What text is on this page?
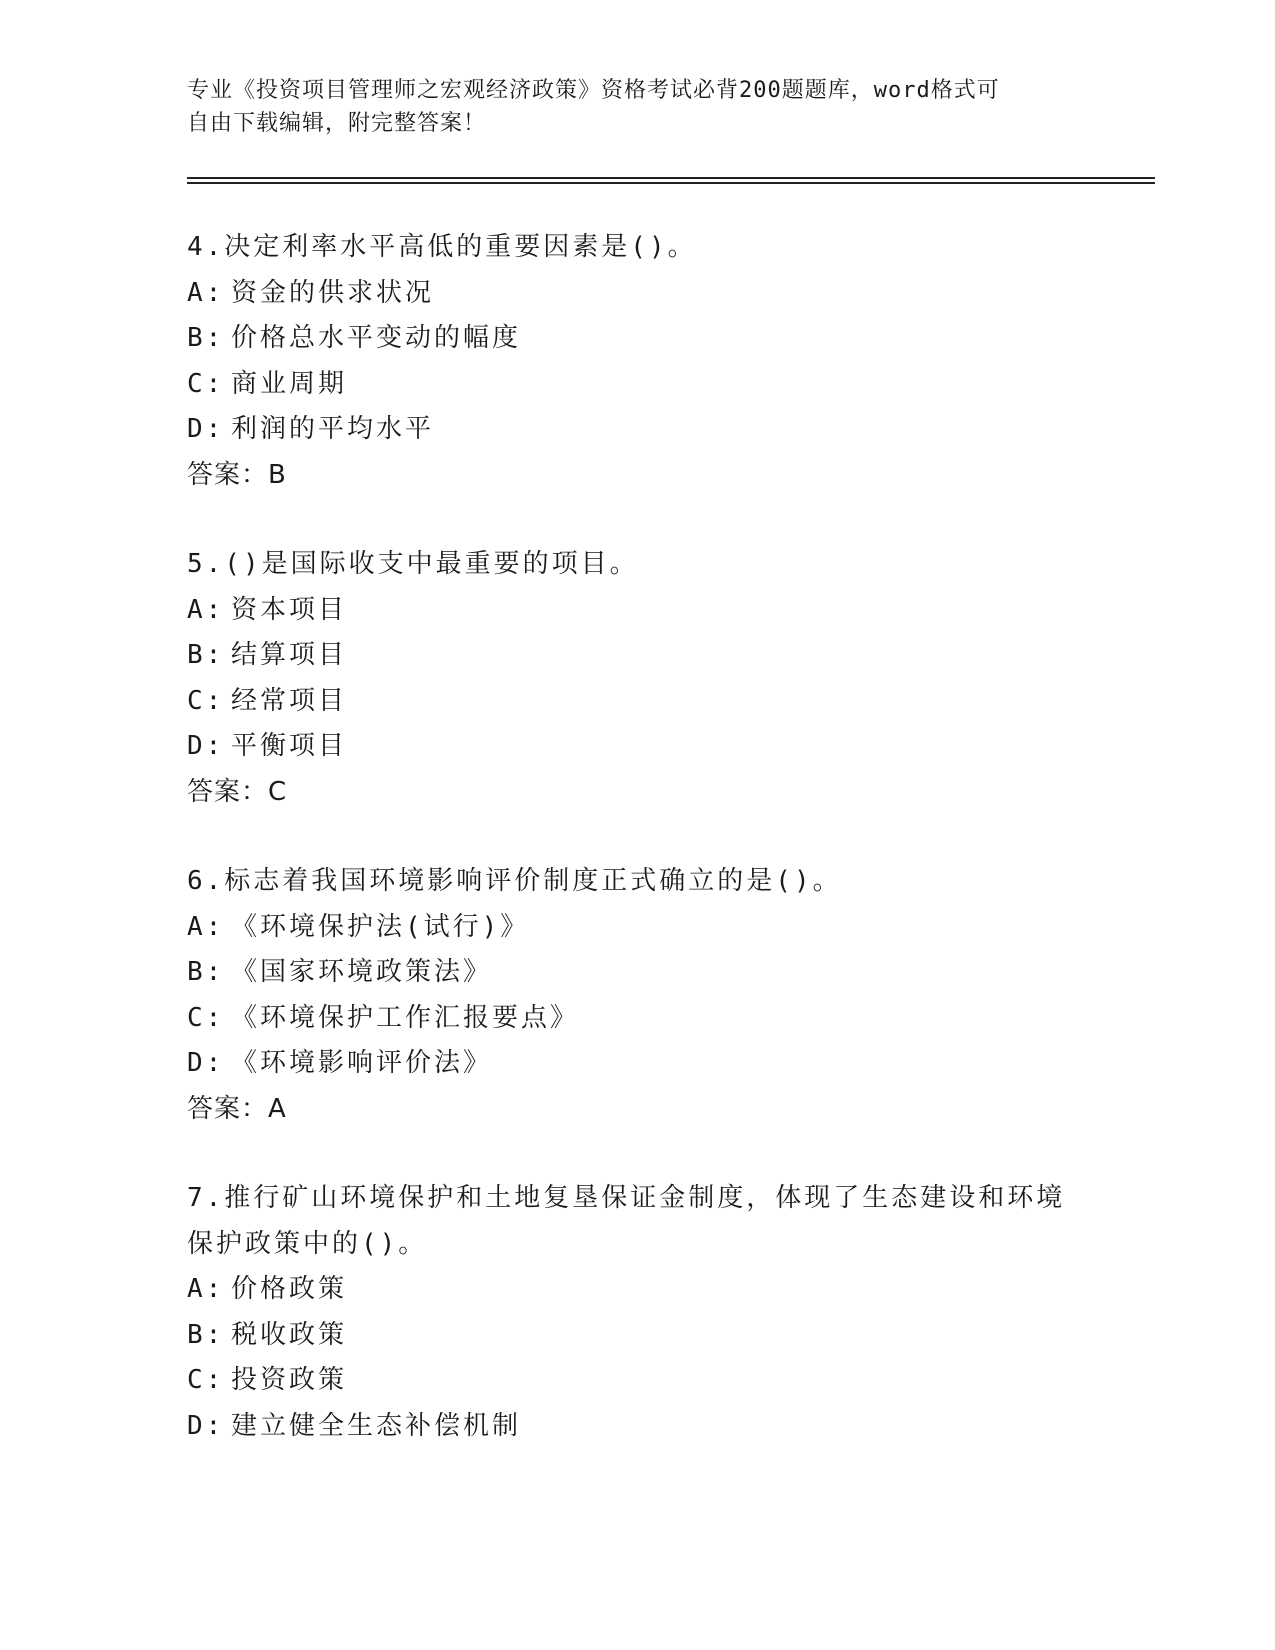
专业《投资项目管理师之宏观经济政策》资格考试必背200题题库，word格式可
自由下载编辑，附完整答案！
4.决定利率水平高低的重要因素是()。
A: 资金的供求状况
B: 价格总水平变动的幅度
C: 商业周期
D: 利润的平均水平
答案：B
5.()是国际收支中最重要的项目。
A: 资本项目
B: 结算项目
C: 经常项目
D: 平衡项目
答案：C
6.标志着我国环境影响评价制度正式确立的是()。
A: 《环境保护法(试行)》
B: 《国家环境政策法》
C: 《环境保护工作汇报要点》
D: 《环境影响评价法》
答案：A
7.推行矿山环境保护和土地复垦保证金制度，体现了生态建设和环境
保护政策中的()。
A: 价格政策
B: 税收政策
C: 投资政策
D: 建立健全生态补偿机制
